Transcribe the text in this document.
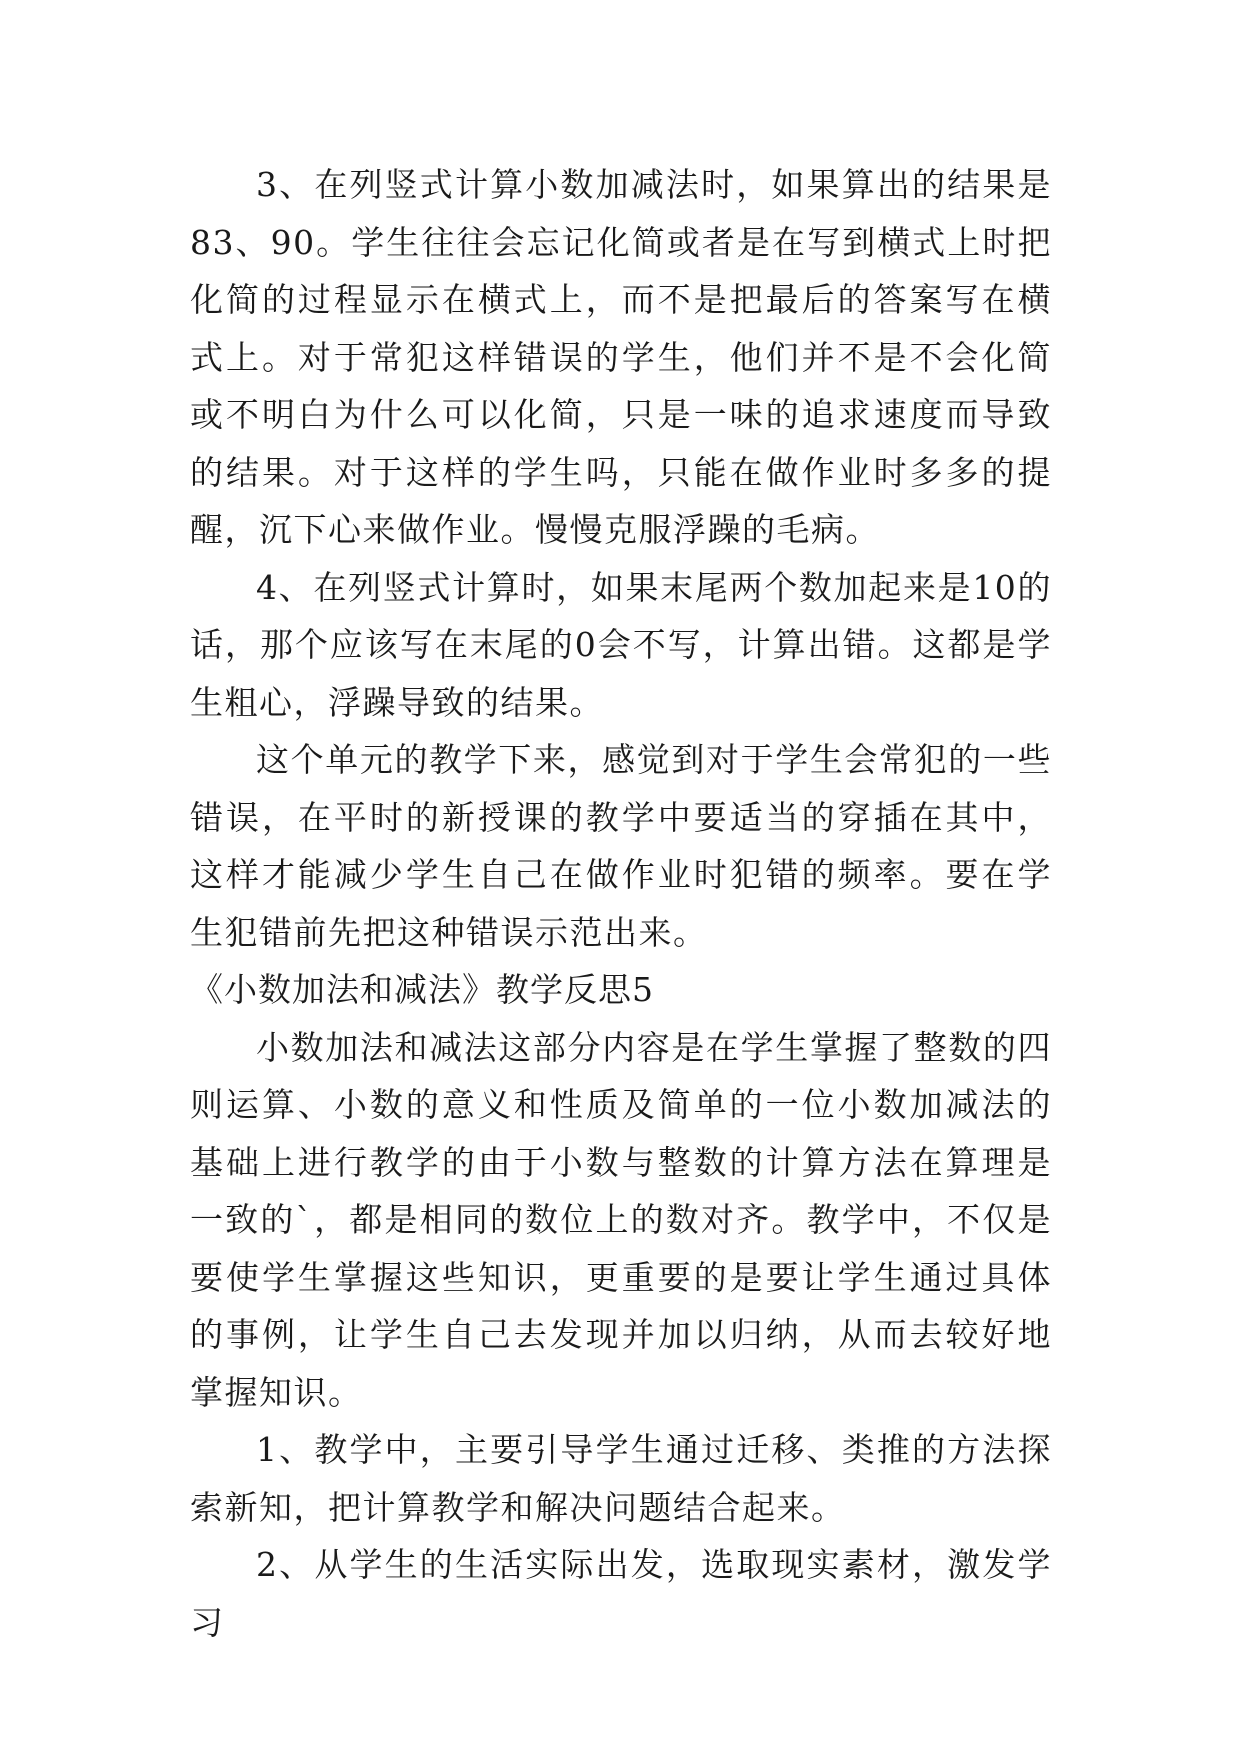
3、在列竖式计算小数加减法时，如果算出的结果是83、90。学生往往会忘记化简或者是在写到横式上时把化简的过程显示在横式上，而不是把最后的答案写在横式上。对于常犯这样错误的学生，他们并不是不会化简或不明白为什么可以化简，只是一味的追求速度而导致的结果。对于这样的学生吗，只能在做作业时多多的提醒，沉下心来做作业。慢慢克服浮躁的毛病。

4、在列竖式计算时，如果末尾两个数加起来是10的话，那个应该写在末尾的0会不写，计算出错。这都是学生粗心，浮躁导致的结果。

这个单元的教学下来，感觉到对于学生会常犯的一些错误，在平时的新授课的教学中要适当的穿插在其中，这样才能减少学生自己在做作业时犯错的频率。要在学生犯错前先把这种错误示范出来。

《小数加法和减法》教学反思5

小数加法和减法这部分内容是在学生掌握了整数的四则运算、小数的意义和性质及简单的一位小数加减法的基础上进行教学的由于小数与整数的计算方法在算理是一致的`，都是相同的数位上的数对齐。教学中，不仅是要使学生掌握这些知识，更重要的是要让学生通过具体的事例，让学生自己去发现并加以归纳，从而去较好地掌握知识。

1、教学中，主要引导学生通过迁移、类推的方法探索新知，把计算教学和解决问题结合起来。

2、从学生的生活实际出发，选取现实素材，激发学习
